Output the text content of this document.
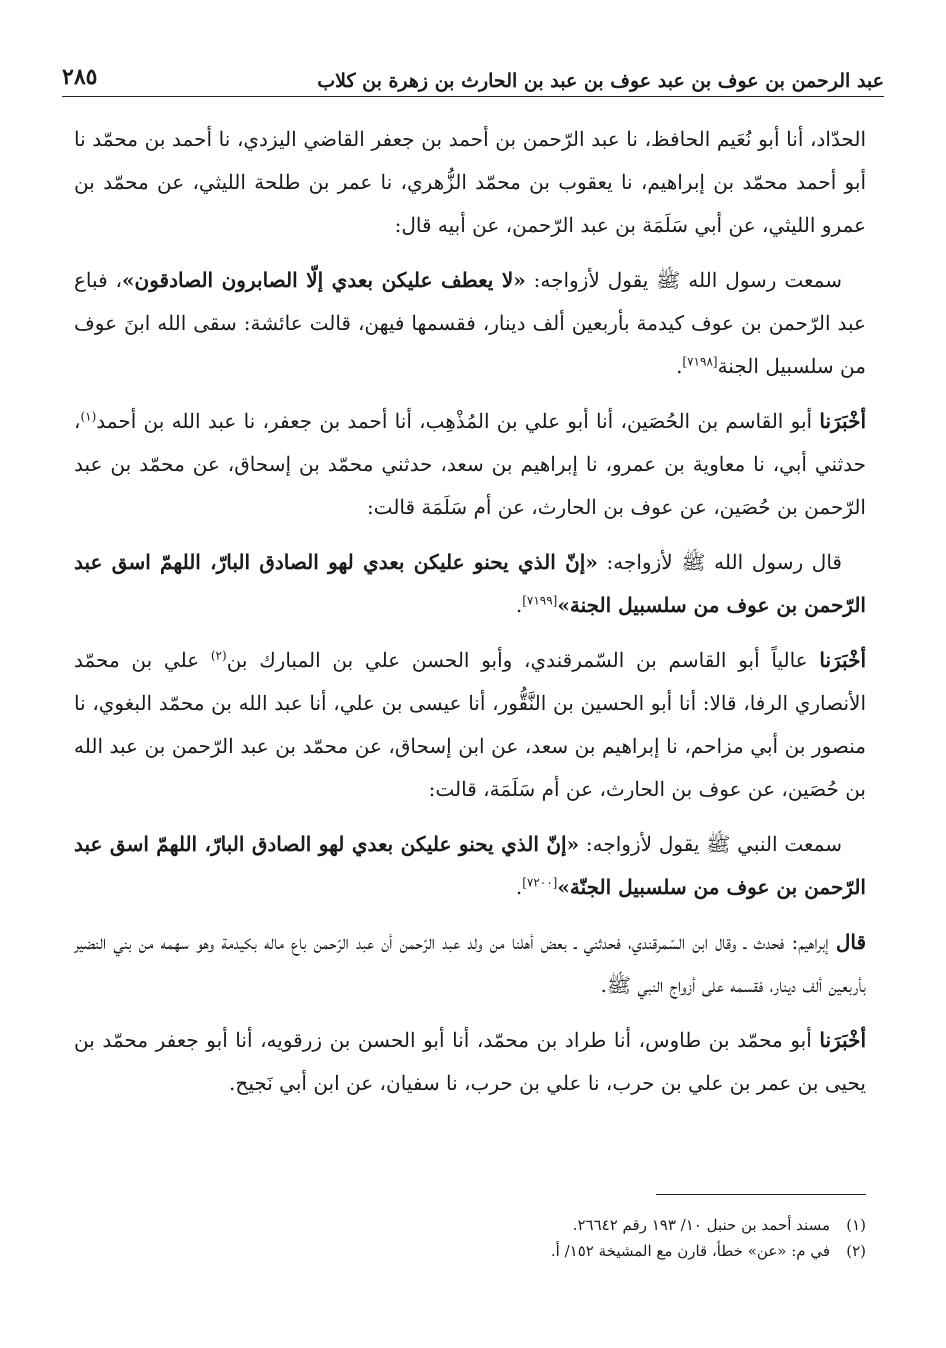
عبد الرحمن بن عوف بن عبد عوف بن عبد بن الحارث بن زهرة بن كلاب
٢٨٥

الحدّاد، أنا أبو نُعَيم الحافظ، نا عبد الرّحمن بن أحمد بن جعفر القاضي اليزدي، نا أحمد بن محمّد نا أبو أحمد محمّد بن إبراهيم، نا يعقوب بن محمّد الزُّهري، نا عمر بن طلحة الليثي، عن محمّد بن عمرو الليثي، عن أبي سَلَمَة بن عبد الرّحمن، عن أبيه قال:

سمعت رسول الله ﷺ يقول لأزواجه: «لا يعطف عليكن بعدي إلّا الصابرون الصادقون»، فباع عبد الرّحمن بن عوف كيدمة بأربعين ألف دينار، فقسمها فيهن، قالت عائشة: سقى الله ابنَ عوف من سلسبيل الجنة[٧١٩٨].

أخْبَرَنا أبو القاسم بن الحُصَين، أنا أبو علي بن المُذْهِب، أنا أحمد بن جعفر، نا عبد الله بن أحمد$^{(١)}$، حدثني أبي، نا معاوية بن عمرو، نا إبراهيم بن سعد، حدثني محمّد بن إسحاق، عن محمّد بن عبد الرّحمن بن حُصَين، عن عوف بن الحارث، عن أم سَلَمَة قالت:

قال رسول الله ﷺ لأزواجه: «إنّ الذي يحنو عليكن بعدي لهو الصادق البارّ، اللهمّ اسق عبد الرّحمن بن عوف من سلسبيل الجنة»[٧١٩٩].

أخْبَرَنا عالياً أبو القاسم بن السّمرقندي، وأبو الحسن علي بن المبارك بن$^{(٢)}$ علي بن محمّد الأنصاري الرفا، قالا: أنا أبو الحسين بن النَّقُّور، أنا عيسى بن علي، أنا عبد الله بن محمّد البغوي، نا منصور بن أبي مزاحم، نا إبراهيم بن سعد، عن ابن إسحاق، عن محمّد بن عبد الرّحمن بن عبد الله بن حُصَين، عن عوف بن الحارث، عن أم سَلَمَة، قالت:

سمعت النبي ﷺ يقول لأزواجه: «إنّ الذي يحنو عليكن بعدي لهو الصادق البارّ، اللهمّ اسق عبد الرّحمن بن عوف من سلسبيل الجنّة»[٧٢٠٠].

قال إبراهيم: فحدث ـ وقال ابن السّمرقندي، فحدثني ـ بعض أهلنا من ولد عبد الرّحمن أن عبد الرّحمن باع ماله بكيدمة وهو سهمه من بني النضير بأربعين ألف دينار، فقسمه على أزواج النبي ﷺ.

أخْبَرَنا أبو محمّد بن طاوس، أنا طراد بن محمّد، أنا أبو الحسن بن زرقويه، أنا أبو جعفر محمّد بن يحيى بن عمر بن علي بن حرب، نا علي بن حرب، نا سفيان، عن ابن أبي نَجيح.

(١)مسند أحمد بن حنبل ١٠/ ١٩٣ رقم ٢٦٦٤٢.

(٢)في م: «عن» خطأ، قارن مع المشيخة ١٥٢/ أ.
